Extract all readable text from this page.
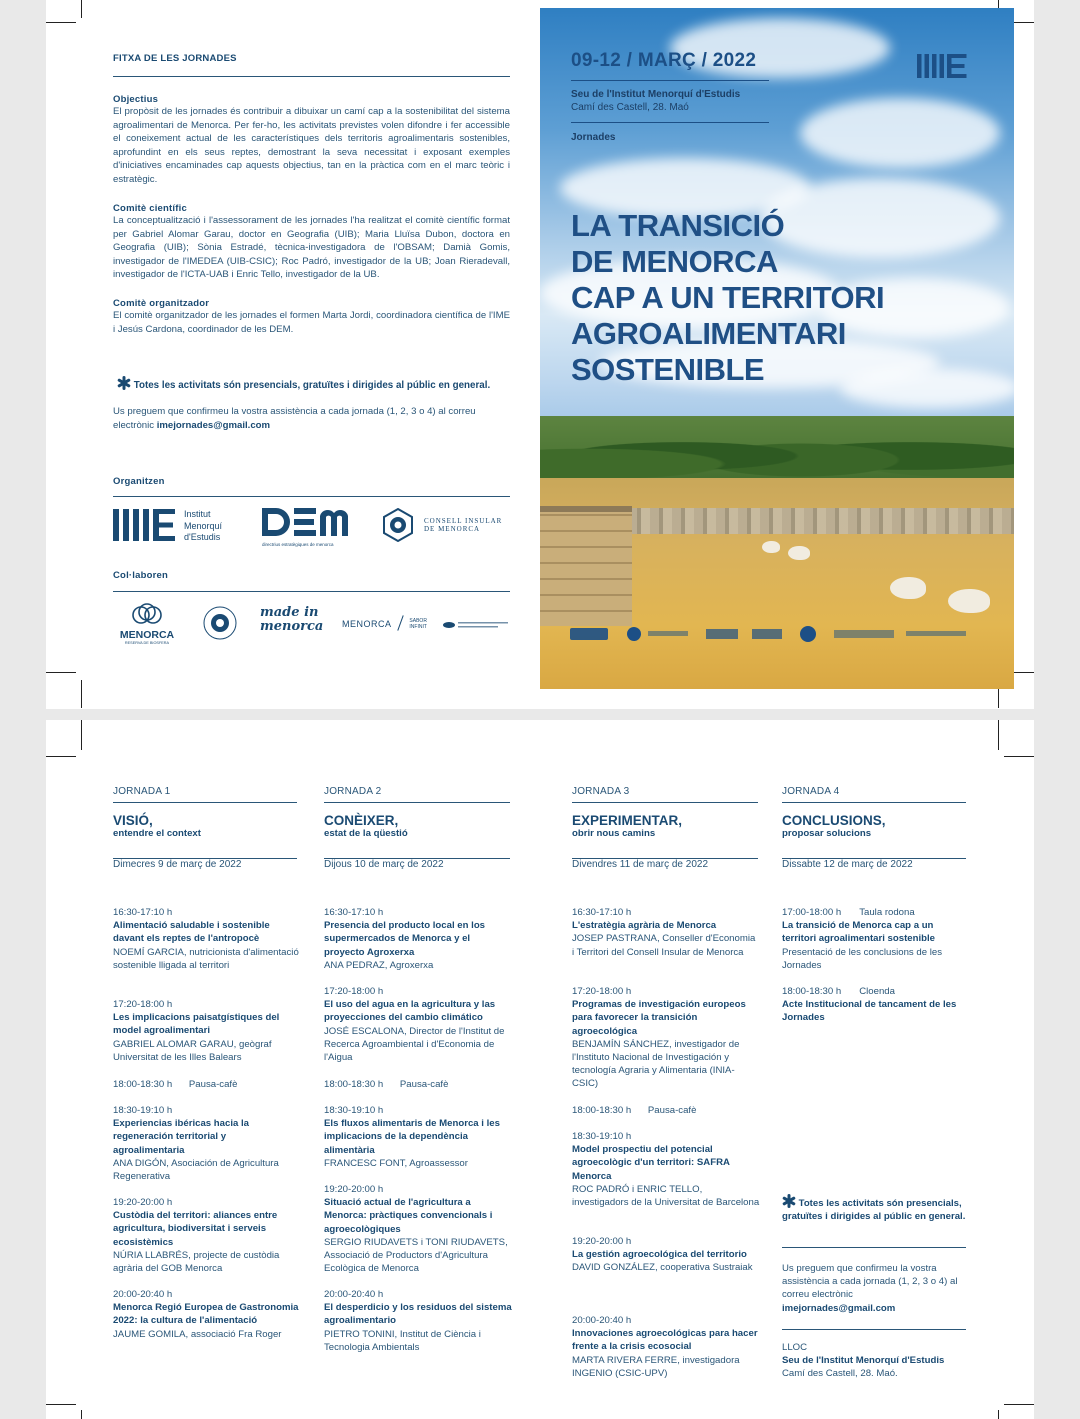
FITXA DE LES JORNADES
Objectius

El propòsit de les jornades és contribuir a dibuixar un camí cap a la sostenibilitat del sistema agroalimentari de Menorca. Per fer-ho, les activitats previstes volen difondre i fer accessible el coneixement actual de les característiques dels territoris agroalimentaris sostenibles, aprofundint en els seus reptes, demostrant la seva necessitat i exposant exemples d'iniciatives encaminades cap aquests objectius, tan en la pràctica com en el marc teòric i estratègic.

Comitè científic

La conceptualització i l'assessorament de les jornades l'ha realitzat el comitè científic format per Gabriel Alomar Garau, doctor en Geografia (UIB); Maria Lluïsa Dubon, doctora en Geografia (UIB); Sònia Estradé, tècnica-investigadora de l'OBSAM; Damià Gomis, investigador de l'IMEDEA (UIB-CSIC); Roc Padró, investigador de la UB; Joan Rieradevall, investigador de l'ICTA-UAB i Enric Tello, investigador de la UB.

Comitè organitzador

El comitè organitzador de les jornades el formen Marta Jordi, coordinadora científica de l'IME i Jesús Cardona, coordinador de les DEM.

Totes les activitats són presencials, gratuïtes i dirigides al públic en general.

Us preguem que confirmeu la vostra assistència a cada jornada (1, 2, 3 o 4) al correu electrònic imejornades@gmail.com

Organitzen
Institut
Menorquí
d'Estudis
directrius estratègiques de menorca
CONSELL INSULAR
DE MENORCA
Col·laboren
MENORCA
RESERVA DE BIOSFERA
made in
menorca MENORCA	SABOR
INFINIT
09-12 / MARÇ / 2022
Seu de l'Institut Menorquí d'Estudis
Camí des Castell, 28. Maó
Jornades
LA TRANSICIÓ
DE MENORCA
CAP A UN TERRITORI
AGROALIMENTARI
SOSTENIBLE
JORNADA 1
VISIÓ,
entendre el context
Dimecres 9 de març de 2022
16:30-17:10 h
Alimentació saludable i sostenible davant els reptes de l'antropocè
NOEMÍ GARCIA, nutricionista d'alimentació sostenible lligada al territori
17:20-18:00 h
Les implicacions paisatgístiques del model agroalimentari
GABRIEL ALOMAR GARAU, geògraf Universitat de les Illes Balears
18:00-18:30 h Pausa-cafè
18:30-19:10 h
Experiencias ibéricas hacia la regeneración territorial y agroalimentaria
ANA DIGÓN, Asociación de Agricultura Regenerativa
19:20-20:00 h
Custòdia del territori: aliances entre agricultura, biodiversitat i serveis ecosistèmics
NÚRIA LLABRÉS, projecte de custòdia agrària del GOB Menorca
20:00-20:40 h
Menorca Regió Europea de Gastronomia 2022: la cultura de l'alimentació
JAUME GOMILA, associació Fra Roger
JORNADA 2
CONÈIXER,
estat de la qüestió
Dijous 10 de març de 2022
16:30-17:10 h
Presencia del producto local en los supermercados de Menorca y el proyecto Agroxerxa
ANA PEDRAZ, Agroxerxa
17:20-18:00 h
El uso del agua en la agricultura y las proyecciones del cambio climático
JOSÉ ESCALONA, Director de l'Institut de Recerca Agroambiental i d'Economia de l'Aigua
18:00-18:30 h Pausa-cafè
18:30-19:10 h
Els fluxos alimentaris de Menorca i les implicacions de la dependència alimentària
FRANCESC FONT, Agroassessor
19:20-20:00 h
Situació actual de l'agricultura a Menorca: pràctiques convencionals i agroecològiques
SERGIO RIUDAVETS i TONI RIUDAVETS, Associació de Productors d'Agricultura Ecològica de Menorca
20:00-20:40 h
El desperdicio y los residuos del sistema agroalimentario
PIETRO TONINI, Institut de Ciència i Tecnologia Ambientals
JORNADA 3
EXPERIMENTAR,
obrir nous camins
Divendres 11 de març de 2022
16:30-17:10 h
L'estratègia agrària de Menorca
JOSEP PASTRANA, Conseller d'Economia i Territori del Consell Insular de Menorca
17:20-18:00 h
Programas de investigación europeos para favorecer la transición agroecológica
BENJAMÍN SÁNCHEZ, investigador de l'Instituto Nacional de Investigación y tecnología Agraria y Alimentaria (INIA-CSIC)
18:00-18:30 h Pausa-cafè
18:30-19:10 h
Model prospectiu del potencial agroecològic d'un territori: SAFRA Menorca
ROC PADRÓ i ENRIC TELLO, investigadors de la Universitat de Barcelona
19:20-20:00 h
La gestión agroecológica del territorio
DAVID GONZÁLEZ, cooperativa Sustraiak
20:00-20:40 h
Innovaciones agroecológicas para hacer frente a la crisis ecosocial
MARTA RIVERA FERRE, investigadora INGENIO (CSIC-UPV)
JORNADA 4
CONCLUSIONS,
proposar solucions
Dissabte 12 de març de 2022
17:00-18:00 h Taula rodona
La transició de Menorca cap a un territori agroalimentari sostenible
Presentació de les conclusions de les Jornades
18:00-18:30 h Cloenda
Acte Institucional de tancament de les Jornades
Totes les activitats són presencials, gratuïtes i dirigides al públic en general.
Us preguem que confirmeu la vostra assistència a cada jornada (1, 2, 3 o 4) al correu electrònic
imejornades@gmail.com
LLOC
Seu de l'Institut Menorquí d'Estudis
Camí des Castell, 28. Maó.
